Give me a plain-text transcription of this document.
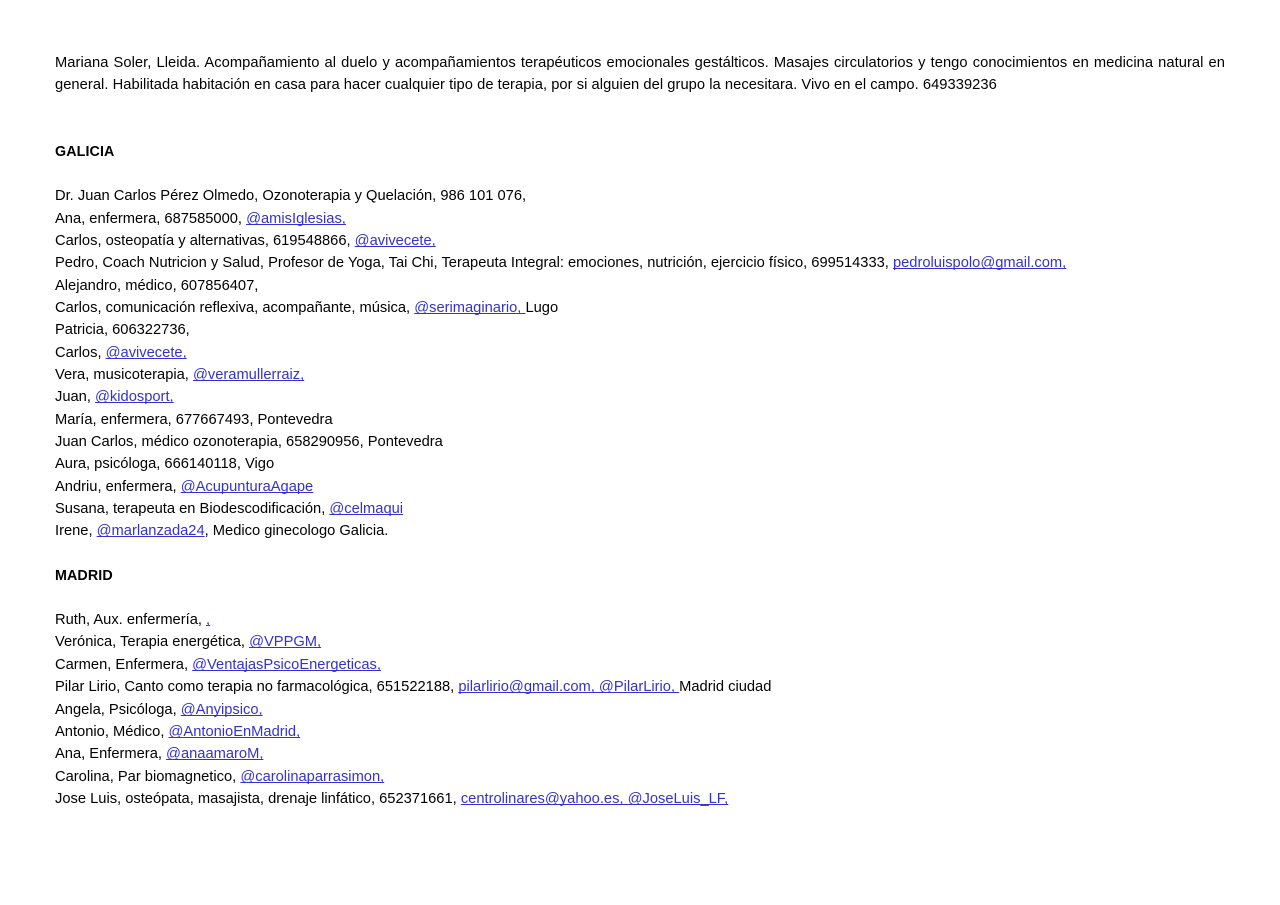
Mariana Soler, Lleida. Acompañamiento al duelo y acompañamientos terapéuticos emocionales gestálticos. Masajes circulatorios y tengo conocimientos en medicina natural en general. Habilitada habitación en casa para hacer cualquier tipo de terapia, por si alguien del grupo la necesitara. Vivo en el campo. 649339236

GALICIA
Dr. Juan Carlos Pérez Olmedo, Ozonoterapia y Quelación, 986 101 076,
Ana, enfermera, 687585000, @amisIglesias,
Carlos, osteopatía y alternativas, 619548866, @avivecete,
Pedro, Coach Nutricion y Salud, Profesor de Yoga, Tai Chi, Terapeuta Integral: emociones, nutrición, ejercicio físico, 699514333, pedroluispolo@gmail.com,
Alejandro, médico, 607856407,
Carlos, comunicación reflexiva, acompañante, música, @serimaginario, Lugo
Patricia, 606322736,
Carlos, @avivecete,
Vera, musicoterapia, @veramullerraiz,
Juan, @kidosport,
María, enfermera, 677667493, Pontevedra
Juan Carlos, médico ozonoterapia, 658290956, Pontevedra
Aura, psicóloga, 666140118, Vigo
Andriu, enfermera, @AcupunturaAgape
Susana, terapeuta en Biodescodificación, @celmaqui
Irene, @marlanzada24, Medico ginecologo Galicia.
MADRID
Ruth, Aux. enfermería, ,
Verónica, Terapia energética, @VPPGM,
Carmen, Enfermera, @VentajasPsicoEnergeticas,
Pilar Lirio, Canto como terapia no farmacológica, 651522188, pilarlirio@gmail.com, @PilarLirio, Madrid ciudad
Angela, Psicóloga, @Anyipsico,
Antonio, Médico, @AntonioEnMadrid,
Ana, Enfermera, @anaamaroM,
Carolina, Par biomagnetico, @carolinaparrasimon,
Jose Luis, osteópata, masajista, drenaje linfático, 652371661, centrolinares@yahoo.es, @JoseLuis_LF,
